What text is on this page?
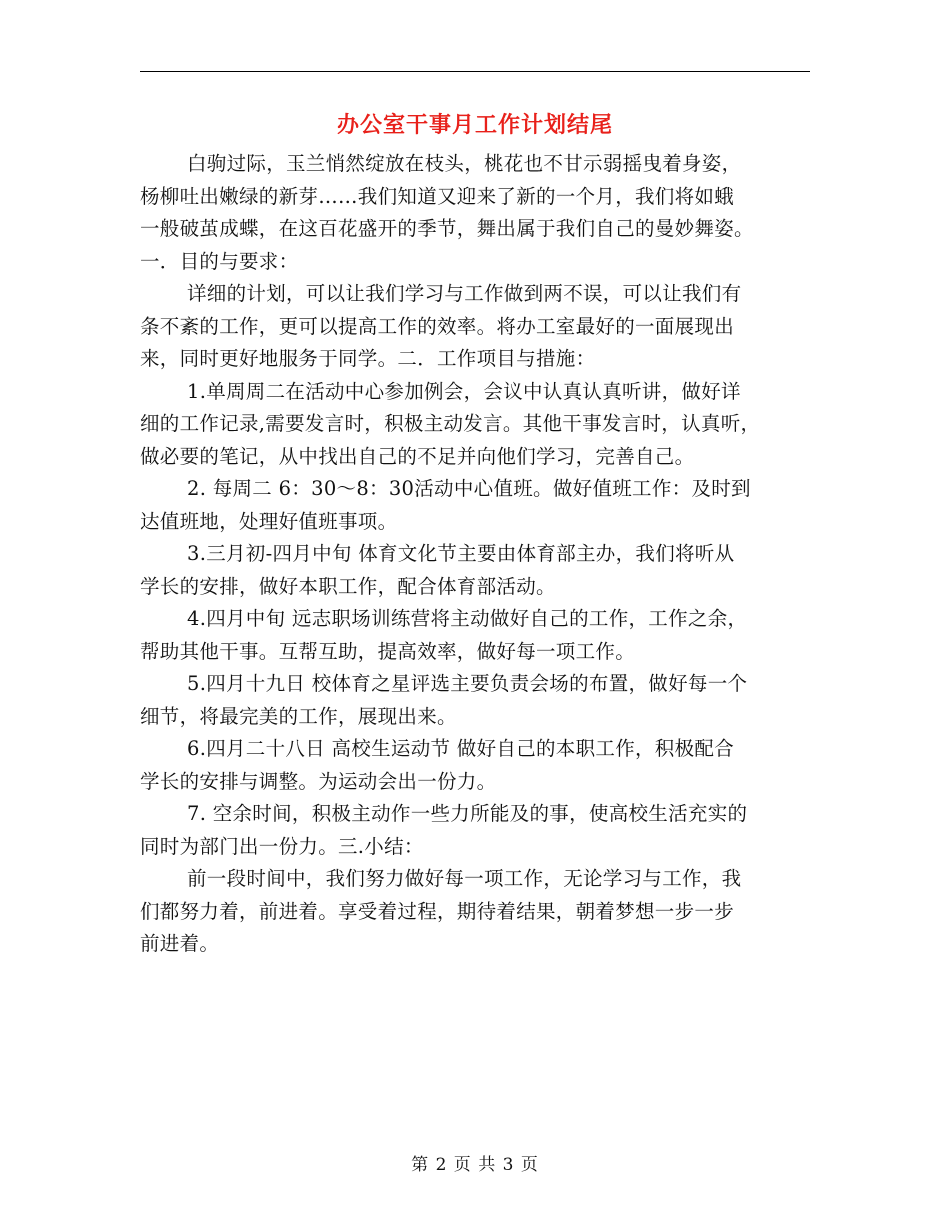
办公室干事月工作计划结尾
白驹过际，玉兰悄然绽放在枝头，桃花也不甘示弱摇曳着身姿，
杨柳吐出嫩绿的新芽……我们知道又迎来了新的一个月，我们将如蛾
一般破茧成蝶，在这百花盛开的季节，舞出属于我们自己的曼妙舞姿。
一．目的与要求：
详细的计划，可以让我们学习与工作做到两不误，可以让我们有
条不紊的工作，更可以提高工作的效率。将办工室最好的一面展现出
来，同时更好地服务于同学。二．工作项目与措施：
1.单周周二在活动中心参加例会，会议中认真认真听讲，做好详
细的工作记录,需要发言时，积极主动发言。其他干事发言时，认真听，
做必要的笔记，从中找出自己的不足并向他们学习，完善自己。
2. 每周二 6：30～8：30活动中心值班。做好值班工作：及时到
达值班地，处理好值班事项。
3.三月初-四月中旬 体育文化节主要由体育部主办，我们将听从
学长的安排，做好本职工作，配合体育部活动。
4.四月中旬 远志职场训练营将主动做好自己的工作，工作之余，
帮助其他干事。互帮互助，提高效率，做好每一项工作。
5.四月十九日 校体育之星评选主要负责会场的布置，做好每一个
细节，将最完美的工作，展现出来。
6.四月二十八日 高校生运动节 做好自己的本职工作，积极配合
学长的安排与调整。为运动会出一份力。
7. 空余时间，积极主动作一些力所能及的事，使高校生活充实的
同时为部门出一份力。三.小结：
前一段时间中，我们努力做好每一项工作，无论学习与工作，我
们都努力着，前进着。享受着过程，期待着结果，朝着梦想一步一步
前进着。
第 2 页 共 3 页
